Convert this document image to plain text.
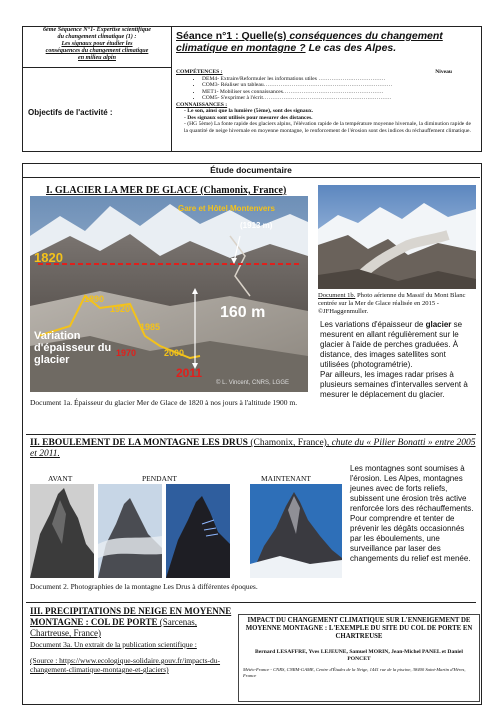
6ème Séquence N°1- Expertise scientifique
du changement climatique (1) :
Les signaux pour étudier les
conséquences du changement climatique
en milieu alpin
Séance n°1 : Quelle(s) conséquences du changement climatique en montagne ? Le cas des Alpes.
Objectifs de l'activité :
COMPÉTENCES :	Niveau
• DEM4- Extraire/Reformuler les informations utiles ………………………………
• COM3- Réaliser un tableau……………………………………………………………
• MET1- Mobiliser ses connaissances………………………………………………
• COM5- S'exprimer à l'écrit……………………………………………………………
CONNAISSANCES :
- Le son, ainsi que la lumière (5ème), sont des signaux.
- Des signaux sont utilisés pour mesurer des distances.
- (HG 5ème) La fonte rapide des glaciers alpins, l'élévation rapide de la température moyenne hivernale, la diminution rapide de la quantité de neige hivernale en moyenne montagne, le renforcement de l'érosion sont des indices du réchauffement climatique.
Étude documentaire
I. GLACIER LA MER DE GLACE (Chamonix, France)
Gare et Hôtel Montenvers
(1913 m)
1820
1890
1920
1985
1970	2000
2011
160 m
Variation d'épaisseur du glacier
© L. Vincent, CNRS, LGGE
Document 1a. Épaisseur du glacier Mer de Glace de 1820 à nos jours à l'altitude 1900 m.
Document 1b. Photo aérienne du Massif du Mont Blanc centrée sur la Mer de Glace réalisée en 2015 - ©JFHaggenmuller.
Les variations d'épaisseur de glacier se mesurent en allant régulièrement sur le glacier à l'aide de perches graduées. À distance, des images satellites sont utilisées (photogramétrie).
Par ailleurs, les images radar prises à plusieurs semaines d'intervalles servent à mesurer le déplacement du glacier.
II. EBOULEMENT DE LA MONTAGNE LES DRUS (Chamonix, France), chute du « Pilier Bonatti » entre 2005 et 2011.
AVANT	PENDANT	MAINTENANT
Document 2. Photographies de la montagne Les Drus à différentes époques.
Les montagnes sont soumises à l'érosion. Les Alpes, montagnes jeunes avec de forts reliefs, subissent une érosion très active renforcée lors des réchauffements. Pour comprendre et tenter de prévenir les dégâts occasionnés par les éboulements, une surveillance par laser des changements du relief est menée.
III. PRECIPITATIONS DE NEIGE EN MOYENNE MONTAGNE : COL DE PORTE (Sarcenas, Chartreuse, France)
Document 3a. Un extrait de la publication scientifique :
(Source : https://www.ecologique-solidaire.gouv.fr/impacts-du-changement-climatique-montagne-et-glaciers)
IMPACT DU CHANGEMENT CLIMATIQUE SUR L'ENNEIGEMENT DE MOYENNE MONTAGNE : L'EXEMPLE DU SITE DU COL DE PORTE EN CHARTREUSE
Bernard LESAFFRE, Yves LEJEUNE, Samuel MORIN, Jean-Michel PANEL et Daniel PONCET
Météo-France - CNRS, CNRM-GAME, Centre d'Études de la Neige, 1441 rue de la piscine, 38400 Saint-Martin d'Hères, France
